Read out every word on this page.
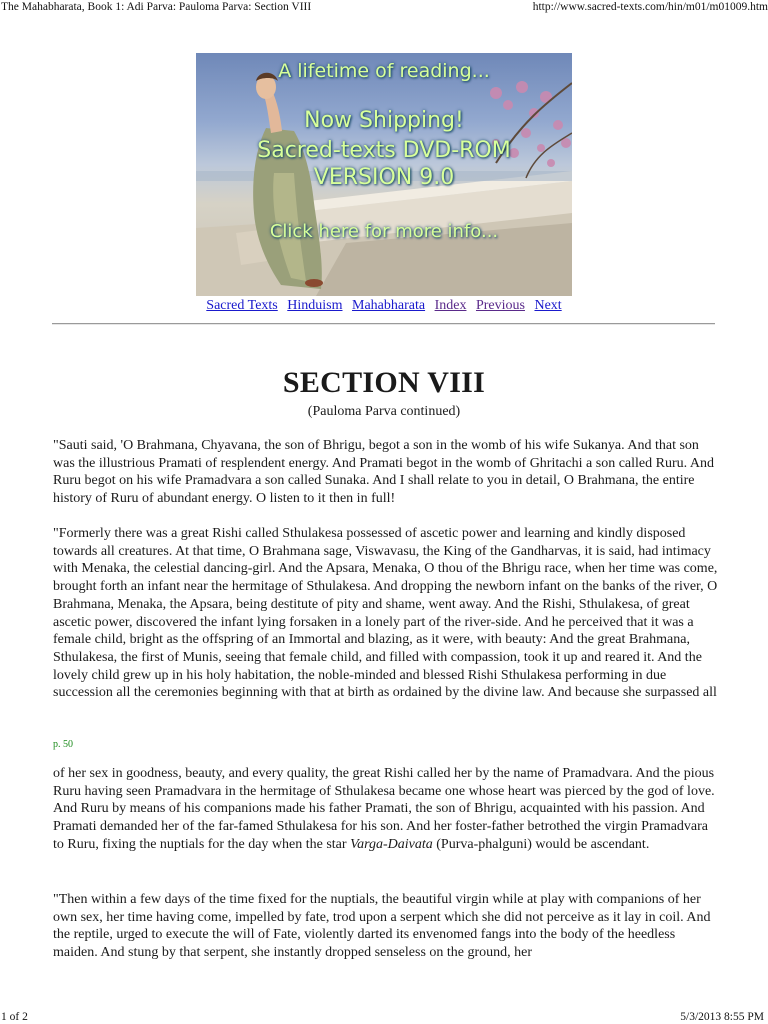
The Mahabharata, Book 1: Adi Parva: Pauloma Parva: Section VIII	http://www.sacred-texts.com/hin/m01/m01009.htm
A lifetime of reading...
Now Shipping!
Sacred-texts DVD-ROM
VERSION 9.0
Click here for more info...
Sacred Texts Hinduism Mahabharata Index Previous Next
SECTION VIII
(Pauloma Parva continued)

"Sauti said, 'O Brahmana, Chyavana, the son of Bhrigu, begot a son in the womb of his wife Sukanya. And that son was the illustrious Pramati of resplendent energy. And Pramati begot in the womb of Ghritachi a son called Ruru. And Ruru begot on his wife Pramadvara a son called Sunaka. And I shall relate to you in detail, O Brahmana, the entire history of Ruru of abundant energy. O listen to it then in full!

"Formerly there was a great Rishi called Sthulakesa possessed of ascetic power and learning and kindly disposed towards all creatures. At that time, O Brahmana sage, Viswavasu, the King of the Gandharvas, it is said, had intimacy with Menaka, the celestial dancing-girl. And the Apsara, Menaka, O thou of the Bhrigu race, when her time was come, brought forth an infant near the hermitage of Sthulakesa. And dropping the newborn infant on the banks of the river, O Brahmana, Menaka, the Apsara, being destitute of pity and shame, went away. And the Rishi, Sthulakesa, of great ascetic power, discovered the infant lying forsaken in a lonely part of the river-side. And he perceived that it was a female child, bright as the offspring of an Immortal and blazing, as it were, with beauty: And the great Brahmana, Sthulakesa, the first of Munis, seeing that female child, and filled with compassion, took it up and reared it. And the lovely child grew up in his holy habitation, the noble-minded and blessed Rishi Sthulakesa performing in due succession all the ceremonies beginning with that at birth as ordained by the divine law. And because she surpassed all

p. 50

of her sex in goodness, beauty, and every quality, the great Rishi called her by the name of Pramadvara. And the pious Ruru having seen Pramadvara in the hermitage of Sthulakesa became one whose heart was pierced by the god of love. And Ruru by means of his companions made his father Pramati, the son of Bhrigu, acquainted with his passion. And Pramati demanded her of the far-famed Sthulakesa for his son. And her foster-father betrothed the virgin Pramadvara to Ruru, fixing the nuptials for the day when the star Varga-Daivata (Purva-phalguni) would be ascendant.

"Then within a few days of the time fixed for the nuptials, the beautiful virgin while at play with companions of her own sex, her time having come, impelled by fate, trod upon a serpent which she did not perceive as it lay in coil. And the reptile, urged to execute the will of Fate, violently darted its envenomed fangs into the body of the heedless maiden. And stung by that serpent, she instantly dropped senseless on the ground, her

1 of 2	5/3/2013 8:55 PM
